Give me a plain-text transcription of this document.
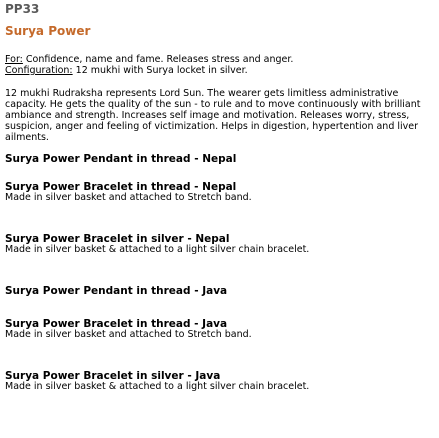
PP33
Surya Power
For: Confidence, name and fame. Releases stress and anger.
Configuration: 12 mukhi with Surya locket in silver.
12 mukhi Rudraksha represents Lord Sun. The wearer gets limitless administrative capacity. He gets the quality of the sun - to rule and to move continuously with brilliant ambiance and strength. Increases self image and motivation. Releases worry, stress, suspicion, anger and feeling of victimization. Helps in digestion, hypertention and liver ailments.
Surya Power Pendant in thread - Nepal
Surya Power Bracelet in thread - Nepal
Made in silver basket and attached to Stretch band.
Surya Power Bracelet in silver - Nepal
Made in silver basket & attached to a light silver chain bracelet.
Surya Power Pendant in thread - Java
Surya Power Bracelet in thread - Java
Made in silver basket and attached to Stretch band.
Surya Power Bracelet in silver - Java
Made in silver basket & attached to a light silver chain bracelet.
